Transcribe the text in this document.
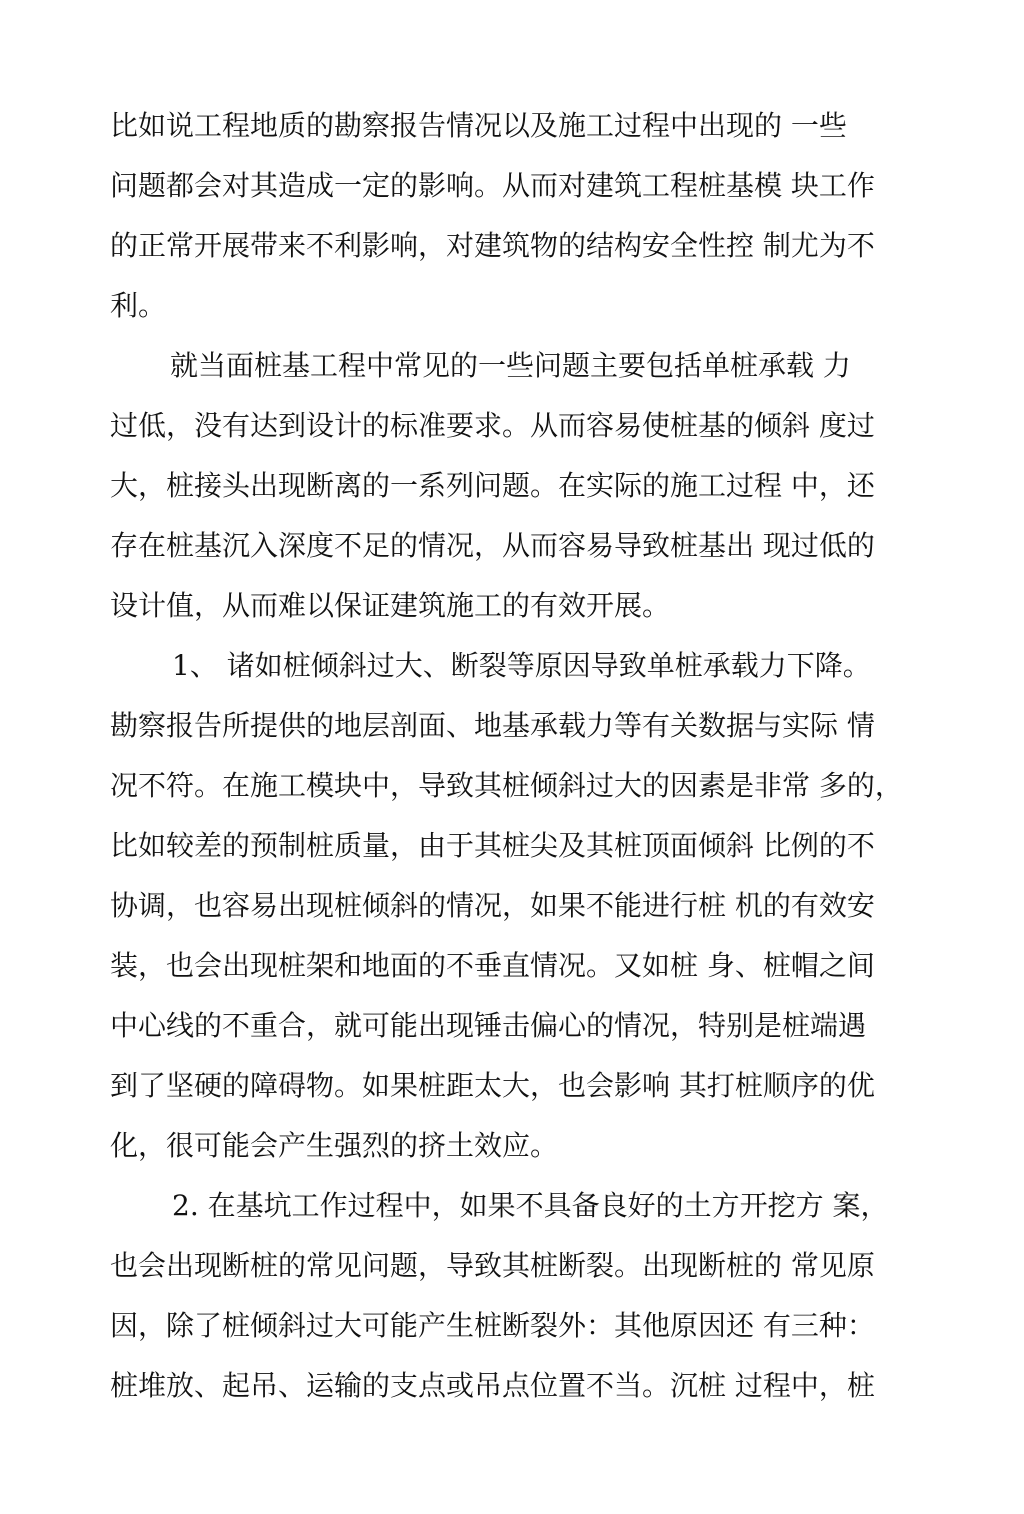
比如说工程地质的勘察报告情况以及施工过程中出现的 一些
问题都会对其造成一定的影响。从而对建筑工程桩基模 块工作
的正常开展带来不利影响，对建筑物的结构安全性控 制尤为不
利。
就当面桩基工程中常见的一些问题主要包括单桩承载 力
过低，没有达到设计的标准要求。从而容易使桩基的倾斜 度过
大，桩接头出现断离的一系列问题。在实际的施工过程 中，还
存在桩基沉入深度不足的情况，从而容易导致桩基出 现过低的
设计值，从而难以保证建筑施工的有效开展。
1、 诸如桩倾斜过大、断裂等原因导致单桩承载力下降。
勘察报告所提供的地层剖面、地基承载力等有关数据与实际 情
况不符。在施工模块中，导致其桩倾斜过大的因素是非常 多的，
比如较差的预制桩质量，由于其桩尖及其桩顶面倾斜 比例的不
协调，也容易出现桩倾斜的情况，如果不能进行桩 机的有效安
装，也会出现桩架和地面的不垂直情况。又如桩 身、桩帽之间
中心线的不重合，就可能出现锤击偏心的情况，特别是桩端遇
到了坚硬的障碍物。如果桩距太大，也会影响 其打桩顺序的优
化，很可能会产生强烈的挤土效应。
2. 在基坑工作过程中，如果不具备良好的土方开挖方 案，
也会出现断桩的常见问题，导致其桩断裂。出现断桩的 常见原
因，除了桩倾斜过大可能产生桩断裂外：其他原因还 有三种：
桩堆放、起吊、运输的支点或吊点位置不当。沉桩 过程中，桩
